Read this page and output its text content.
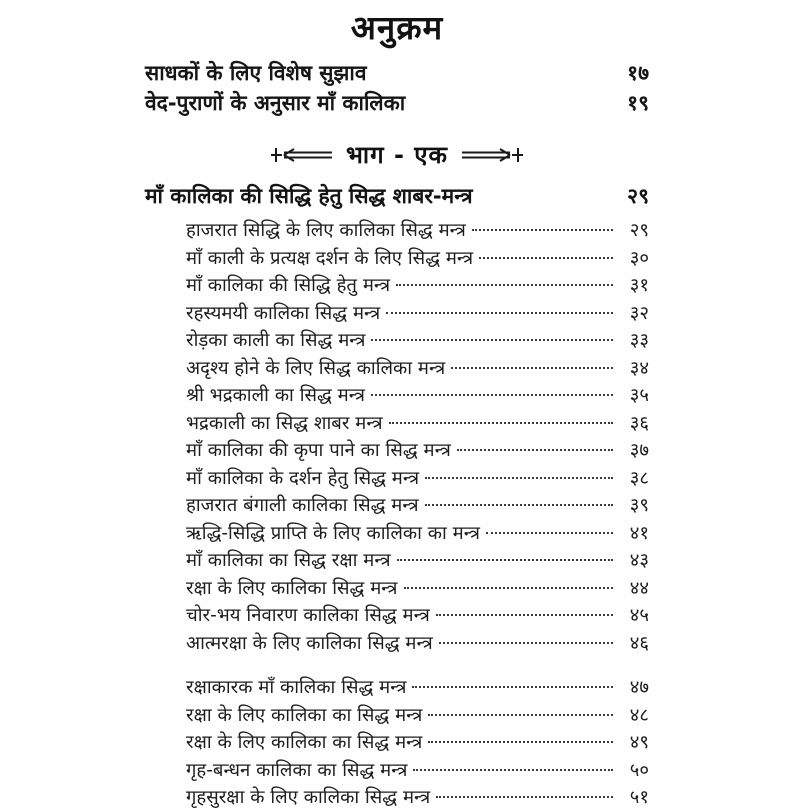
अनुक्रम
साधकों के लिए विशेष सुझाव	१७
वेद-पुराणों के अनुसार माँ कालिका	१९
भाग - एक
माँ कालिका की सिद्धि हेतु सिद्ध शाबर-मन्त्र	२९
हाजरात सिद्धि के लिए कालिका सिद्ध मन्त्र	२९
माँ काली के प्रत्यक्ष दर्शन के लिए सिद्ध मन्त्र	३०
माँ कालिका की सिद्धि हेतु मन्त्र	३१
रहस्यमयी कालिका सिद्ध मन्त्र	३२
रोड़का काली का सिद्ध मन्त्र	३३
अदृश्य होने के लिए सिद्ध कालिका मन्त्र	३४
श्री भद्रकाली का सिद्ध मन्त्र	३५
भद्रकाली का सिद्ध शाबर मन्त्र	३६
माँ कालिका की कृपा पाने का सिद्ध मन्त्र	३७
माँ कालिका के दर्शन हेतु सिद्ध मन्त्र	३८
हाजरात बंगाली कालिका सिद्ध मन्त्र	३९
ऋद्धि-सिद्धि प्राप्ति के लिए कालिका का मन्त्र	४१
माँ कालिका का सिद्ध रक्षा मन्त्र	४३
रक्षा के लिए कालिका सिद्ध मन्त्र	४४
चोर-भय निवारण कालिका सिद्ध मन्त्र	४५
आत्मरक्षा के लिए कालिका सिद्ध मन्त्र	४६
रक्षाकारक माँ कालिका सिद्ध मन्त्र	४७
रक्षा के लिए कालिका का सिद्ध मन्त्र	४८
रक्षा के लिए कालिका का सिद्ध मन्त्र	४९
गृह-बन्धन कालिका का सिद्ध मन्त्र	५०
गृहसुरक्षा के लिए कालिका सिद्ध मन्त्र	५१
